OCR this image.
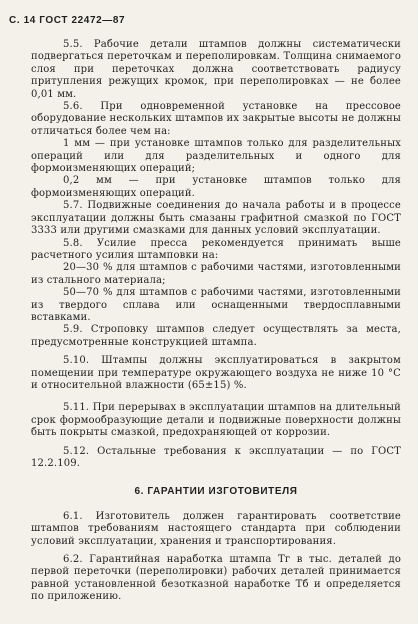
С. 14 ГОСТ 22472—87

5.5. Рабочие детали штампов должны систематически подвергаться переточкам и переполировкам. Толщина снимаемого слоя при переточках должна соответствовать радиусу притупления режущих кромок, при переполировках — не более 0,01 мм.

5.6. При одновременной установке на прессовое оборудование нескольких штампов их закрытые высоты не должны отличаться более чем на:

1 мм — при установке штампов только для разделительных операций или для разделительных и одного для формоизменяющих операций;

0,2 мм — при установке штампов только для формоизменяющих операций.

5.7. Подвижные соединения до начала работы и в процессе эксплуатации должны быть смазаны графитной смазкой по ГОСТ 3333 или другими смазками для данных условий эксплуатации.

5.8. Усилие пресса рекомендуется принимать выше расчетного усилия штамповки на:

20—30 % для штампов с рабочими частями, изготовленными из стального материала;

50—70 % для штампов с рабочими частями, изготовленными из твердого сплава или оснащенными твердосплавными вставками.

5.9. Строповку штампов следует осуществлять за места, предусмотренные конструкцией штампа.

5.10. Штампы должны эксплуатироваться в закрытом помещении при температуре окружающего воздуха не ниже 10 °С и относительной влажности (65±15) %.

5.11. При перерывах в эксплуатации штампов на длительный срок формообразующие детали и подвижные поверхности должны быть покрыты смазкой, предохраняющей от коррозии.

5.12. Остальные требования к эксплуатации — по ГОСТ 12.2.109.

6. ГАРАНТИИ ИЗГОТОВИТЕЛЯ

6.1. Изготовитель должен гарантировать соответствие штампов требованиям настоящего стандарта при соблюдении условий эксплуатации, хранения и транспортирования.

6.2. Гарантийная наработка штампа Тг в тыс. деталей до первой переточки (переполировки) рабочих деталей принимается равной установленной безотказной наработке Тб и определяется по приложению.
